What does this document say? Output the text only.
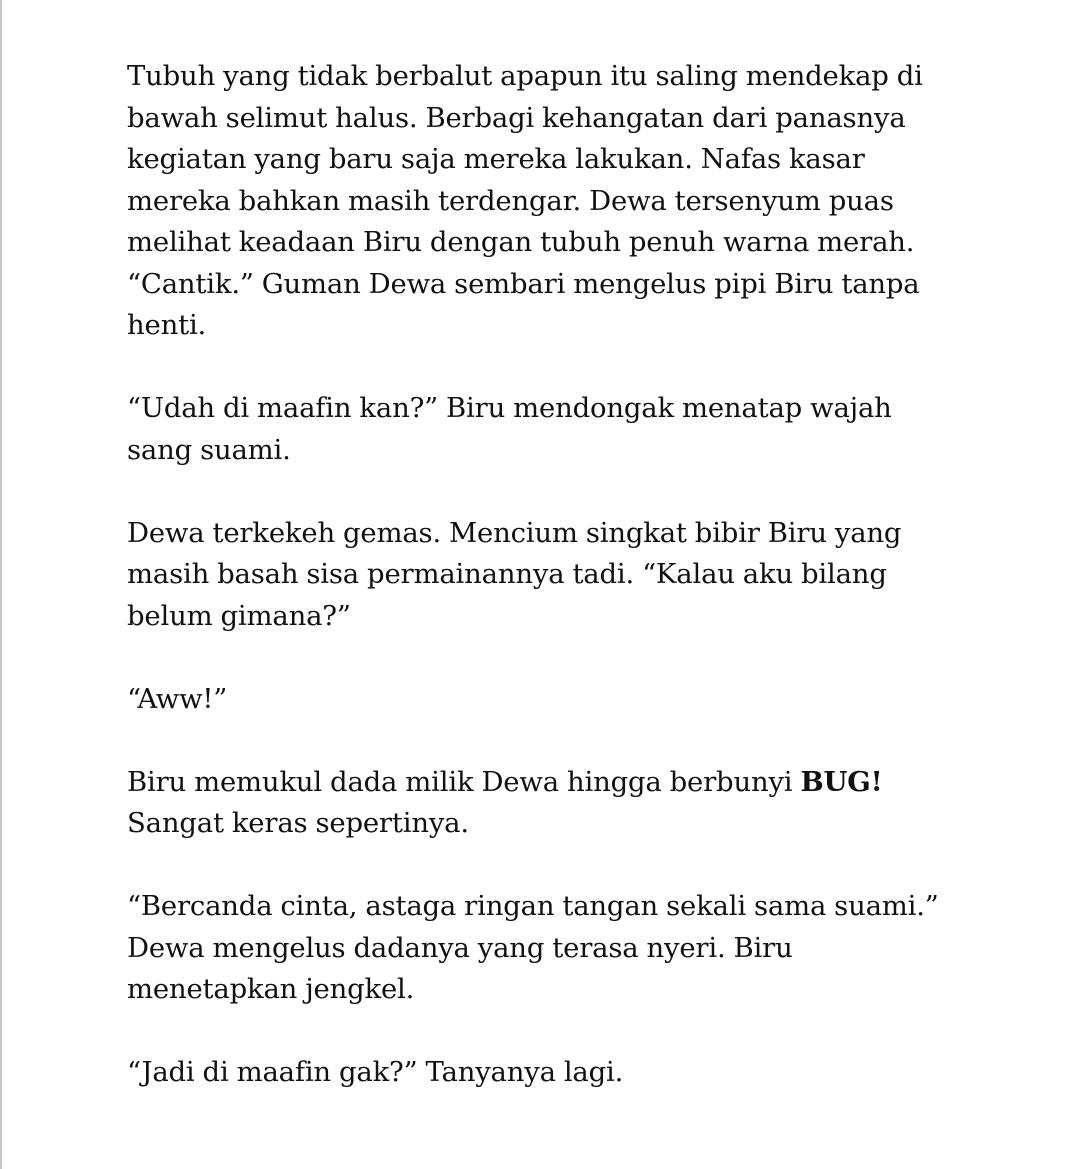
Tubuh yang tidak berbalut apapun itu saling mendekap di
bawah selimut halus. Berbagi kehangatan dari panasnya
kegiatan yang baru saja mereka lakukan. Nafas kasar
mereka bahkan masih terdengar. Dewa tersenyum puas
melihat keadaan Biru dengan tubuh penuh warna merah.
“Cantik.” Guman Dewa sembari mengelus pipi Biru tanpa
henti.

“Udah di maafin kan?” Biru mendongak menatap wajah
sang suami.

Dewa terkekeh gemas. Mencium singkat bibir Biru yang
masih basah sisa permainannya tadi. “Kalau aku bilang
belum gimana?”

“Aww!”

Biru memukul dada milik Dewa hingga berbunyi BUG!
Sangat keras sepertinya.

“Bercanda cinta, astaga ringan tangan sekali sama suami.”
Dewa mengelus dadanya yang terasa nyeri. Biru
menetapkan jengkel.

“Jadi di maafin gak?” Tanyanya lagi.
